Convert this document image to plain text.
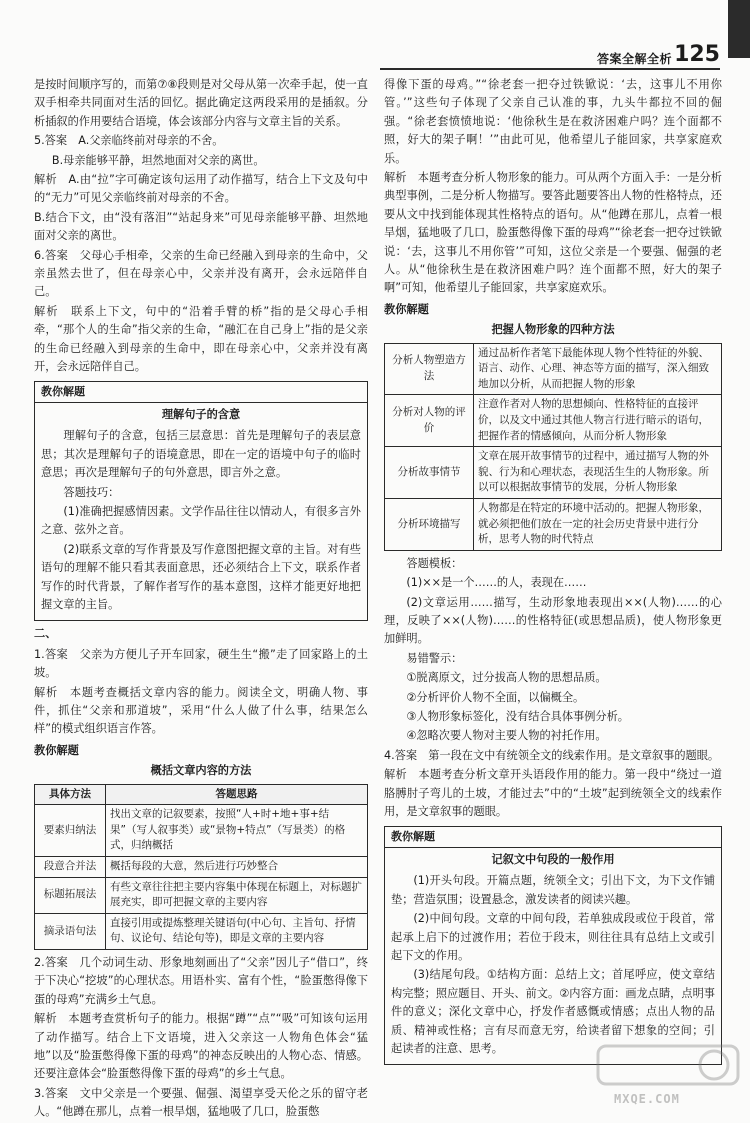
答案全解全析 125

是按时间顺序写的，而第⑦⑧段则是对父母从第一次牵手起，使一直双手相牵共同面对生活的回忆。据此确定这两段采用的是插叙。分析插叙的作用要结合语境，体会该部分内容与文章主旨的关系。

5.答案　A.父亲临终前对母亲的不舍。

B.母亲能够平静，坦然地面对父亲的离世。

解析　A.由“拉”字可确定该句运用了动作描写，结合上下文及句中的“无力”可见父亲临终前对母亲的不舍。

B.结合下文，由“没有落泪”“站起身来”可见母亲能够平静、坦然地面对父亲的离世。

6.答案　父母心手相牵，父亲的生命已经融入到母亲的生命中，父亲虽然去世了，但在母亲心中，父亲并没有离开，会永远陪伴自己。

解析　联系上下文，句中的“沿着手臂的桥”指的是父母心手相牵，“那个人的生命”指父亲的生命，“融汇在自己身上”指的是父亲的生命已经融入到母亲的生命中，即在母亲心中，父亲并没有离开，会永远陪伴自己。

教你解题
理解句子的含意

理解句子的含意，包括三层意思：首先是理解句子的表层意思；其次是理解句子的语境意思，即在一定的语境中句子的临时意思；再次是理解句子的句外意思，即言外之意。

答题技巧：

(1)准确把握感情因素。文学作品往往以情动人，有很多言外之意、弦外之音。

(2)联系文章的写作背景及写作意图把握文章的主旨。对有些语句的理解不能只看其表面意思，还必须结合上下文，联系作者写作的时代背景，了解作者写作的基本意图，这样才能更好地把握文章的主旨。

二、

1.答案　父亲为方便儿子开车回家，硬生生“搬”走了回家路上的土坡。

解析　本题考查概括文章内容的能力。阅读全文，明确人物、事件，抓住“父亲和那道坡”，采用“什么人做了什么事，结果怎么样”的模式组织语言作答。

教你解题
概括文章内容的方法
具体方法	答题思路
要素归纳法	找出文章的记叙要素，按照“人+时+地+事+结果”（写人叙事类）或“景物+特点”（写景类）的格式，归纳概括
段意合并法	概括每段的大意，然后进行巧妙整合
标题拓展法	有些文章往往把主要内容集中体现在标题上，对标题扩展充实，即可把握文章的主要内容
摘录语句法	直接引用或提炼整理关键语句(中心句、主旨句、抒情句、议论句、结论句等)，即是文章的主要内容

2.答案　几个动词生动、形象地刻画出了“父亲”因儿子“借口”，终于下决心“挖坡”的心理状态。用语朴实、富有个性，“脸蛋憋得像下蛋的母鸡”充满乡土气息。

解析　本题考查赏析句子的能力。根据“蹲”“点”“吸”可知该句运用了动作描写。结合上下文语境，进入父亲这一人物角色体会“猛地”以及“脸蛋憋得像下蛋的母鸡”的神态反映出的人物心态、情感。还要注意体会“脸蛋憋得像下蛋的母鸡”的乡土气息。

3.答案　文中父亲是一个要强、倔强、渴望享受天伦之乐的留守老人。“他蹲在那儿，点着一根旱烟，猛地吸了几口，脸蛋憋

得像下蛋的母鸡。”“徐老套一把夺过铁锨说：‘去，这事儿不用你管。’”这些句子体现了父亲自己认准的事，九头牛都拉不回的倔强。“徐老套愤愤地说：‘他徐秋生是在救济困难户吗？连个面都不照，好大的架子啊！’”由此可见，他希望儿子能回家，共享家庭欢乐。

解析　本题考查分析人物形象的能力。可从两个方面入手：一是分析典型事例，二是分析人物描写。要答此题要答出人物的性格特点，还要从文中找到能体现其性格特点的语句。从“他蹲在那儿，点着一根旱烟，猛地吸了几口，脸蛋憋得像下蛋的母鸡”“徐老套一把夺过铁锨说：‘去，这事儿不用你管’”可知，这位父亲是一个要强、倔强的老人。从“他徐秋生是在救济困难户吗？连个面都不照，好大的架子啊”可知，他希望儿子能回家，共享家庭欢乐。

教你解题
把握人物形象的四种方法
分析人物塑造方法	通过品析作者笔下最能体现人物个性特征的外貌、语言、动作、心理、神态等方面的描写，深入细致地加以分析，从而把握人物的形象
分析对人物的评价	注意作者对人物的思想倾向、性格特征的直接评价，以及文中通过其他人物言行进行暗示的语句，把握作者的情感倾向，从而分析人物形象
分析故事情节	文章在展开故事情节的过程中，通过描写人物的外貌、行为和心理状态，表现活生生的人物形象。所以可以根据故事情节的发展，分析人物形象
分析环境描写	人物都是在特定的环境中活动的。把握人物形象，就必须把他们放在一定的社会历史背景中进行分析，思考人物的时代特点

答题模板：

(1)××是一个……的人，表现在……

(2)文章运用……描写，生动形象地表现出××(人物)……的心理，反映了××(人物)……的性格特征(或思想品质)，使人物形象更加鲜明。

易错警示：

①脱离原文，过分拔高人物的思想品质。

②分析评价人物不全面，以偏概全。

③人物形象标签化，没有结合具体事例分析。

④忽略次要人物对主要人物的衬托作用。

4.答案　第一段在文中有统领全文的线索作用。是文章叙事的题眼。

解析　本题考查分析文章开头语段作用的能力。第一段中“绕过一道胳膊肘子弯儿的土坡，才能过去”中的“土坡”起到统领全文的线索作用，是文章叙事的题眼。

教你解题
记叙文中句段的一般作用

(1)开头句段。开篇点题，统领全文；引出下文，为下文作铺垫；营造氛围；设置悬念，激发读者的阅读兴趣。

(2)中间句段。文章的中间句段，若单独成段或位于段首，常起承上启下的过渡作用；若位于段末，则往往具有总结上文或引起下文的作用。

(3)结尾句段。①结构方面：总结上文；首尾呼应，使文章结构完整；照应题目、开头、前文。②内容方面：画龙点睛，点明事件的意义；深化文章中心，抒发作者感慨或情感；点出人物的品质、精神或性格；言有尽而意无穷，给读者留下想象的空间；引起读者的注意、思考。

MXQE.COM
